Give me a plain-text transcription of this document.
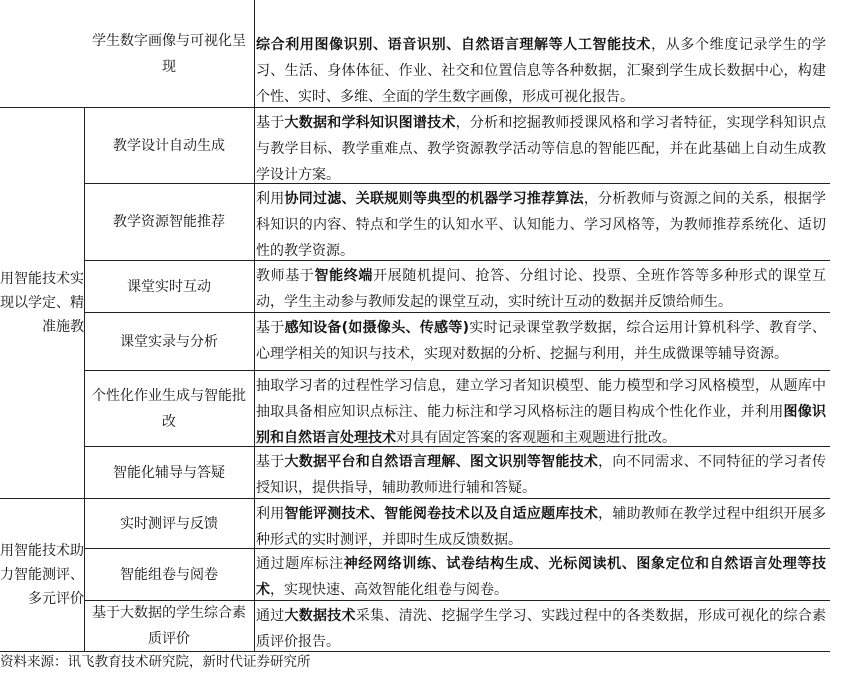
用智能技术实
现以学定、精
准施教
用智能技术助
力智能测评、
多元评价
学生数字画像与可视化呈现
教学设计自动生成
教学资源智能推荐
课堂实时互动
课堂实录与分析
个性化作业生成与智能批改
智能化辅导与答疑
实时测评与反馈
智能组卷与阅卷
基于大数据的学生综合素质评价
综合利用图像识别、语音识别、自然语言理解等人工智能技术，从多个维度记录学生的学习、生活、身体体征、作业、社交和位置信息等各种数据，汇聚到学生成长数据中心，构建个性、实时、多维、全面的学生数字画像，形成可视化报告。
基于大数据和学科知识图谱技术，分析和挖掘教师授课风格和学习者特征，实现学科知识点与教学目标、教学重难点、教学资源教学活动等信息的智能匹配，并在此基础上自动生成教学设计方案。
利用协同过滤、关联规则等典型的机器学习推荐算法，分析教师与资源之间的关系，根据学科知识的内容、特点和学生的认知水平、认知能力、学习风格等，为教师推荐系统化、适切性的教学资源。
教师基于智能终端开展随机提问、抢答、分组讨论、投票、全班作答等多种形式的课堂互动，学生主动参与教师发起的课堂互动，实时统计互动的数据并反馈给师生。
基于感知设备(如摄像头、传感等)实时记录课堂教学数据，综合运用计算机科学、教育学、心理学相关的知识与技术，实现对数据的分析、挖掘与利用，并生成微课等辅导资源。
抽取学习者的过程性学习信息，建立学习者知识模型、能力模型和学习风格模型，从题库中抽取具备相应知识点标注、能力标注和学习风格标注的题目构成个性化作业，并利用图像识别和自然语言处理技术对具有固定答案的客观题和主观题进行批改。
基于大数据平台和自然语言理解、图文识别等智能技术，向不同需求、不同特征的学习者传授知识，提供指导，辅助教师进行辅和答疑。
利用智能评测技术、智能阅卷技术以及自适应题库技术，辅助教师在教学过程中组织开展多种形式的实时测评，并即时生成反馈数据。
通过题库标注神经网络训练、试卷结构生成、光标阅读机、图象定位和自然语言处理等技术，实现快速、高效智能化组卷与阅卷。
通过大数据技术采集、清洗、挖掘学生学习、实践过程中的各类数据，形成可视化的综合素质评价报告。
资料来源：讯飞教育技术研究院，新时代证券研究所
